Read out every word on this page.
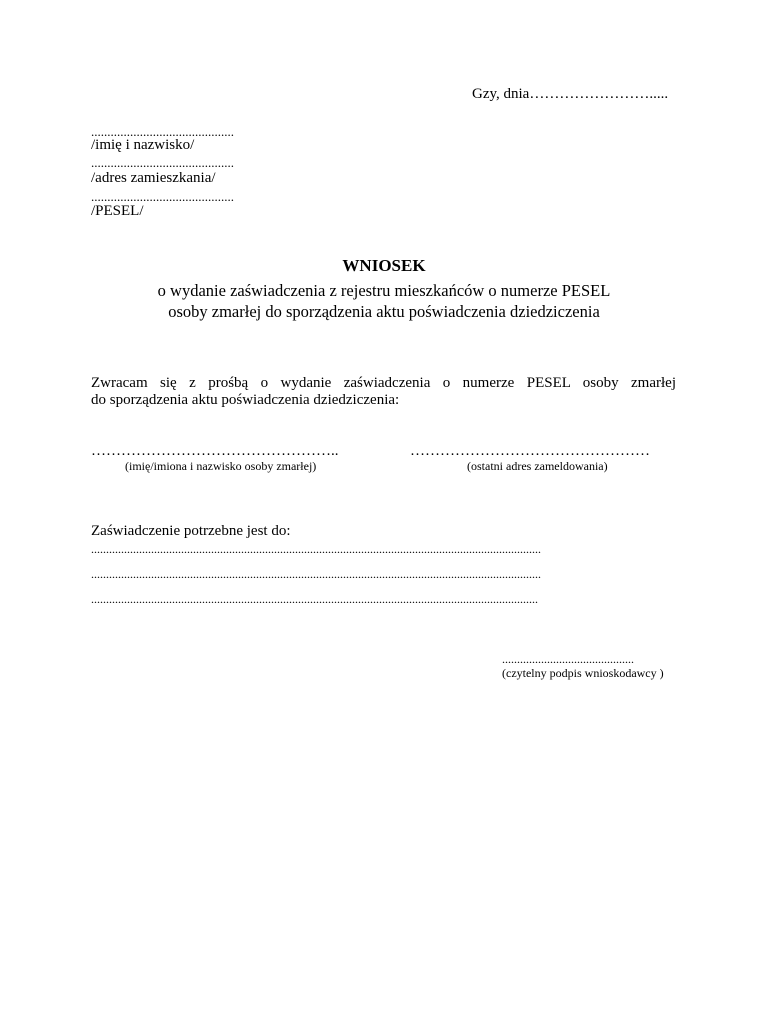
Gzy, dnia…………………….....
............................................
/imię i nazwisko/
............................................
/adres zamieszkania/
............................................
/PESEL/
WNIOSEK
o wydanie zaświadczenia z rejestru mieszkańców o numerze PESEL
osoby zmarłej do sporządzenia aktu poświadczenia dziedziczenia
Zwracam się z prośbą o wydanie zaświadczenia o numerze PESEL osoby zmarłej
do sporządzenia aktu poświadczenia dziedziczenia:
…………………………………………..
(imię/imiona i nazwisko osoby zmarłej)
…………………………………………
(ostatni adres zameldowania)
Zaświadczenie potrzebne jest do:
......................................................................................................................................................
......................................................................................................................................................
.....................................................................................................................................................
............................................
(czytelny podpis wnioskodawcy )
